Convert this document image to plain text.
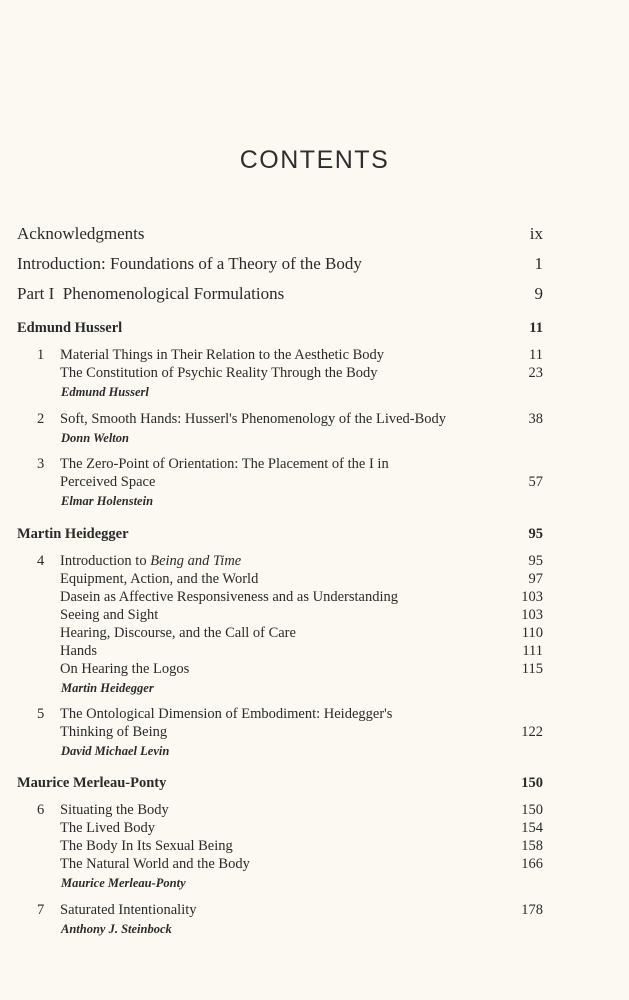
CONTENTS
Acknowledgments	ix
Introduction: Foundations of a Theory of the Body	1
Part I  Phenomenological Formulations	9
Edmund Husserl	11
1 Material Things in Their Relation to the Aesthetic Body	11
The Constitution of Psychic Reality Through the Body	23
Edmund Husserl
2 Soft, Smooth Hands: Husserl's Phenomenology of the Lived-Body	38
Donn Welton
3 The Zero-Point of Orientation: The Placement of the I in
Perceived Space	57
Elmar Holenstein
Martin Heidegger	95
4 Introduction to Being and Time	95
Equipment, Action, and the World	97
Dasein as Affective Responsiveness and as Understanding	103
Seeing and Sight	103
Hearing, Discourse, and the Call of Care	110
Hands	111
On Hearing the Logos	115
Martin Heidegger
5 The Ontological Dimension of Embodiment: Heidegger's
Thinking of Being	122
David Michael Levin
Maurice Merleau-Ponty	150
6 Situating the Body	150
The Lived Body	154
The Body In Its Sexual Being	158
The Natural World and the Body	166
Maurice Merleau-Ponty
7 Saturated Intentionality	178
Anthony J. Steinbock
